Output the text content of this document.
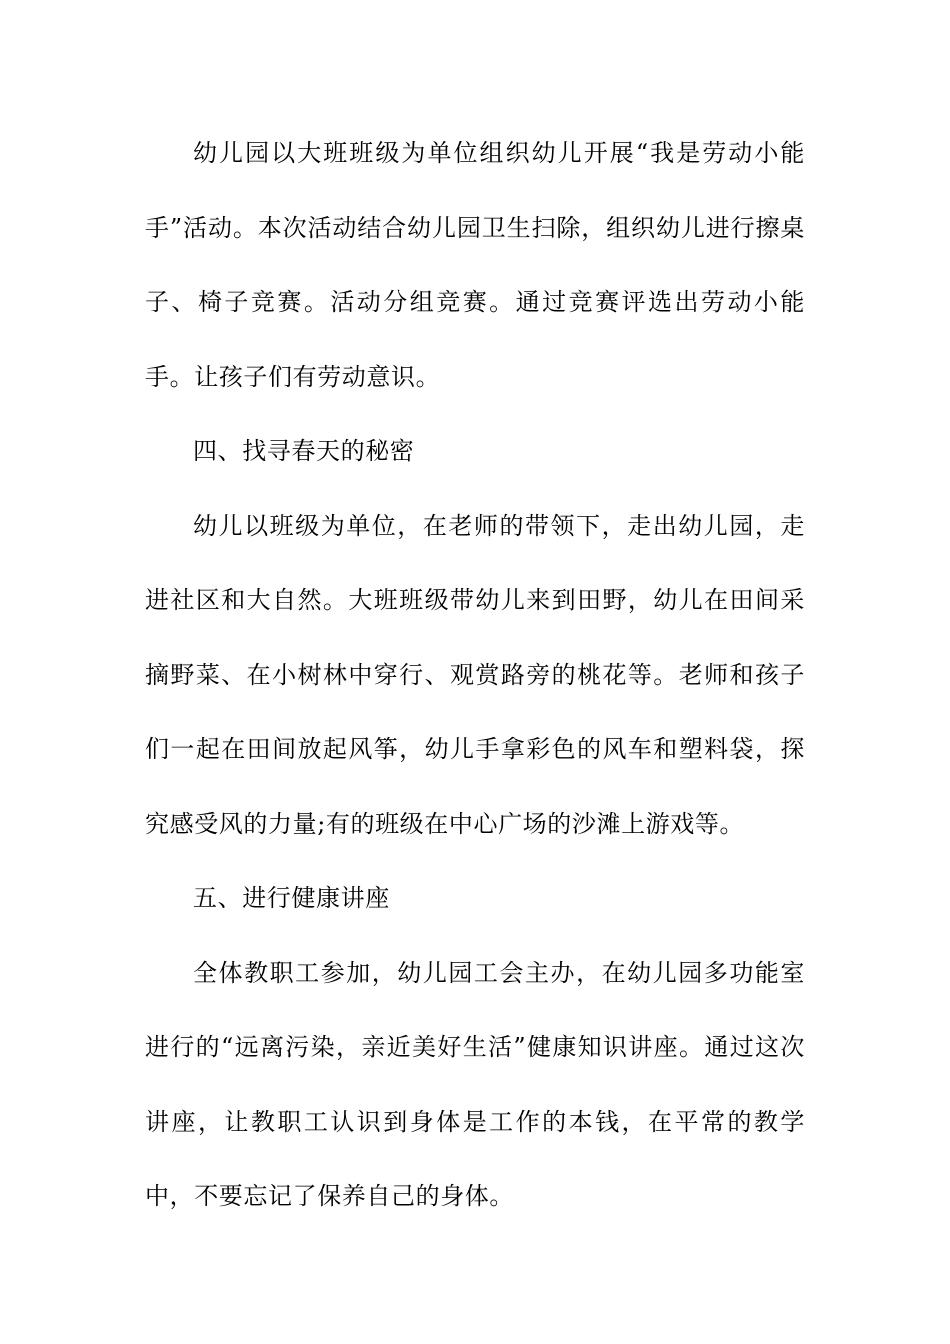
幼儿园以大班班级为单位组织幼儿开展“我是劳动小能手”活动。本次活动结合幼儿园卫生扫除，组织幼儿进行擦桌子、椅子竞赛。活动分组竞赛。通过竞赛评选出劳动小能手。让孩子们有劳动意识。

四、找寻春天的秘密

幼儿以班级为单位，在老师的带领下，走出幼儿园，走进社区和大自然。大班班级带幼儿来到田野，幼儿在田间采摘野菜、在小树林中穿行、观赏路旁的桃花等。老师和孩子们一起在田间放起风筝，幼儿手拿彩色的风车和塑料袋，探究感受风的力量;有的班级在中心广场的沙滩上游戏等。

五、进行健康讲座

全体教职工参加，幼儿园工会主办，在幼儿园多功能室进行的“远离污染，亲近美好生活”健康知识讲座。通过这次讲座，让教职工认识到身体是工作的本钱，在平常的教学中，不要忘记了保养自己的身体。
